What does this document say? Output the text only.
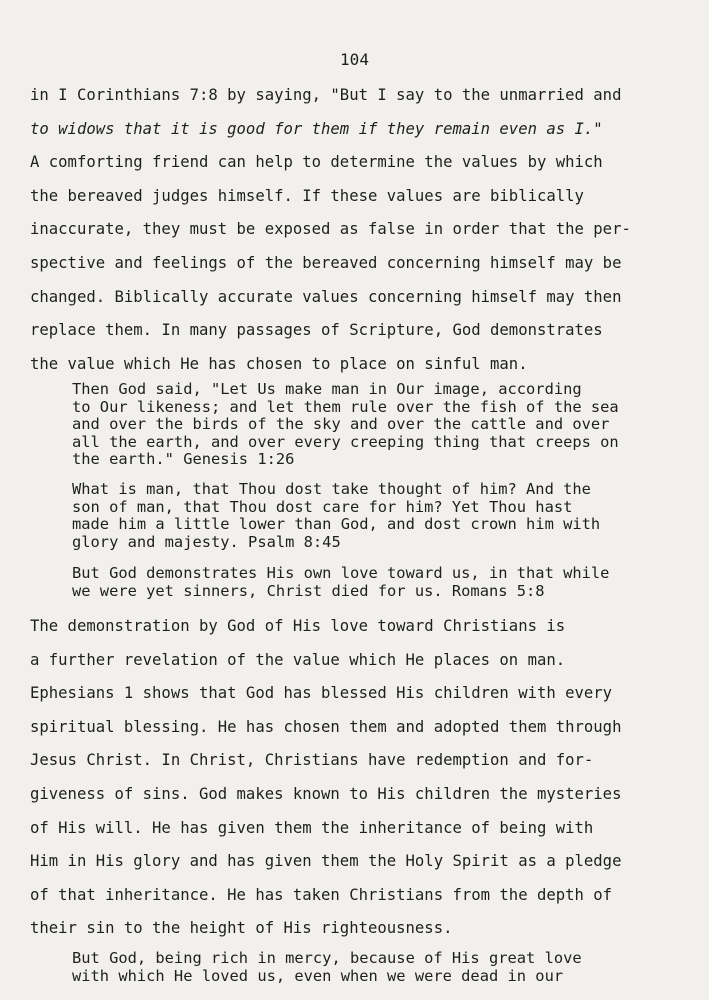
104
in I Corinthians 7:8 by saying, "But I say to the unmarried and
to widows that it is good for them if they remain even as I."
A comforting friend can help to determine the values by which
the bereaved judges himself. If these values are biblically
inaccurate, they must be exposed as false in order that the per-
spective and feelings of the bereaved concerning himself may be
changed. Biblically accurate values concerning himself may then
replace them. In many passages of Scripture, God demonstrates
the value which He has chosen to place on sinful man.
Then God said, "Let Us make man in Our image, according
to Our likeness; and let them rule over the fish of the sea
and over the birds of the sky and over the cattle and over
all the earth, and over every creeping thing that creeps on
the earth." Genesis 1:26
What is man, that Thou dost take thought of him? And the
son of man, that Thou dost care for him? Yet Thou hast
made him a little lower than God, and dost crown him with
glory and majesty. Psalm 8:45
But God demonstrates His own love toward us, in that while
we were yet sinners, Christ died for us. Romans 5:8
The demonstration by God of His love toward Christians is
a further revelation of the value which He places on man.
Ephesians 1 shows that God has blessed His children with every
spiritual blessing. He has chosen them and adopted them through
Jesus Christ. In Christ, Christians have redemption and for-
giveness of sins. God makes known to His children the mysteries
of His will. He has given them the inheritance of being with
Him in His glory and has given them the Holy Spirit as a pledge
of that inheritance. He has taken Christians from the depth of
their sin to the height of His righteousness.
But God, being rich in mercy, because of His great love
with which He loved us, even when we were dead in our
